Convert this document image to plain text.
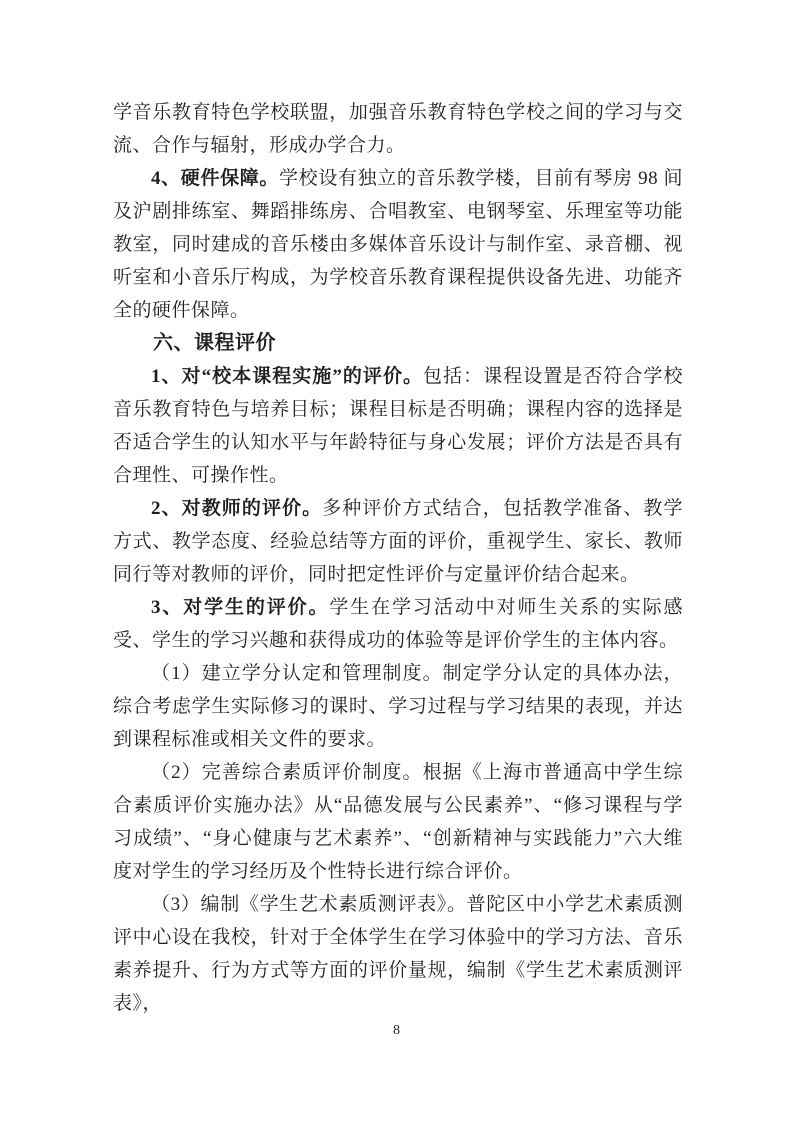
学音乐教育特色学校联盟，加强音乐教育特色学校之间的学习与交流、合作与辐射，形成办学合力。

4、硬件保障。学校设有独立的音乐教学楼，目前有琴房 98 间及沪剧排练室、舞蹈排练房、合唱教室、电钢琴室、乐理室等功能教室，同时建成的音乐楼由多媒体音乐设计与制作室、录音棚、视听室和小音乐厅构成，为学校音乐教育课程提供设备先进、功能齐全的硬件保障。

六、课程评价

1、对“校本课程实施”的评价。包括：课程设置是否符合学校音乐教育特色与培养目标；课程目标是否明确；课程内容的选择是否适合学生的认知水平与年龄特征与身心发展；评价方法是否具有合理性、可操作性。

2、对教师的评价。多种评价方式结合，包括教学准备、教学方式、教学态度、经验总结等方面的评价，重视学生、家长、教师同行等对教师的评价，同时把定性评价与定量评价结合起来。

3、对学生的评价。学生在学习活动中对师生关系的实际感受、学生的学习兴趣和获得成功的体验等是评价学生的主体内容。

（1）建立学分认定和管理制度。制定学分认定的具体办法，综合考虑学生实际修习的课时、学习过程与学习结果的表现，并达到课程标准或相关文件的要求。

（2）完善综合素质评价制度。根据《上海市普通高中学生综合素质评价实施办法》从“品德发展与公民素养”、“修习课程与学习成绩”、“身心健康与艺术素养”、“创新精神与实践能力”六大维度对学生的学习经历及个性特长进行综合评价。

（3）编制《学生艺术素质测评表》。普陀区中小学艺术素质测评中心设在我校，针对于全体学生在学习体验中的学习方法、音乐素养提升、行为方式等方面的评价量规，编制《学生艺术素质测评表》，

8
